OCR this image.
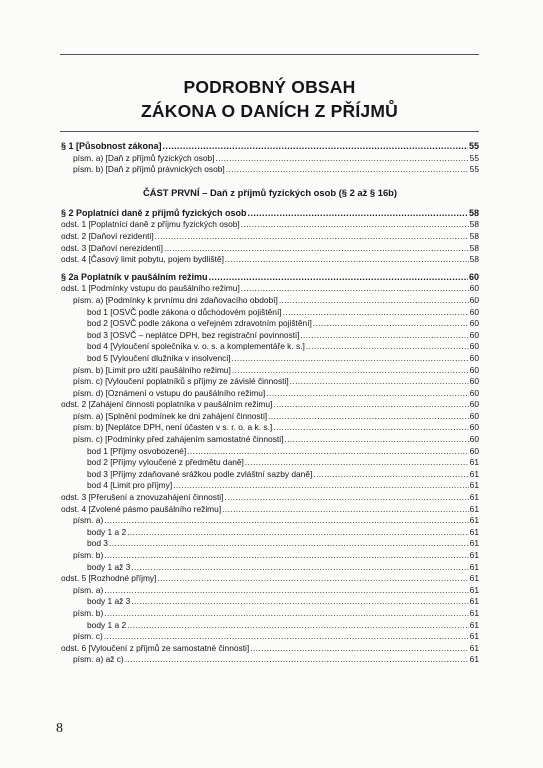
PODROBNÝ OBSAH
ZÁKONA O DANÍCH Z PŘÍJMŮ
§ 1 [Působnost zákona] .....	55
písm. a) [Daň z příjmů fyzických osob] .....	55
písm. b) [Daň z příjmů právnických osob] .....	55
ČÁST PRVNÍ – Daň z příjmů fyzických osob (§ 2 až § 16b)
§ 2 Poplatníci daně z příjmů fyzických osob .....	58
odst. 1 [Poplatníci daně z příjmu fyzických osob] .....	58
odst. 2 [Daňoví rezidenti] .....	58
odst. 3 [Daňoví nerezidenti] .....	58
odst. 4 [Časový limit pobytu, pojem bydliště] .....	58
§ 2a Poplatník v paušálním režimu .....	60
odst. 1 [Podmínky vstupu do paušálního režimu] .....	60
písm. a) [Podmínky k prvnímu dni zdaňovacího období] .....	60
bod 1 [OSVČ podle zákona o důchodovém pojištění] .....	60
bod 2 [OSVČ podle zákona o veřejném zdravotním pojištění] .....	60
bod 3 [OSVČ – neplátce DPH, bez registrační povinnosti] .....	60
bod 4 [Vyloučení společníka v. o. s. a komplementáře k. s.] .....	60
bod 5 [Vyloučení dlužníka v insolvenci] .....	60
písm. b) [Limit pro užití paušálního režimu] .....	60
písm. c) [Vyloučení poplatníků s příjmy ze závislé činnosti] .....	60
písm. d) [Oznámení o vstupu do paušálního režimu] .....	60
odst. 2 [Zahájení činnosti poplatníka v paušálním režimu] .....	60
písm. a) [Splnění podmínek ke dni zahájení činnosti] .....	60
písm. b) [Neplátce DPH, není účasten v s. r. o. a k. s.] .....	60
písm. c) [Podmínky před zahájením samostatné činnosti] .....	60
bod 1 [Příjmy osvobozené] .....	60
bod 2 [Příjmy vyloučené z předmětu daně] .....	61
bod 3 [Příjmy zdaňované srážkou podle zvláštní sazby daně] .....	61
bod 4 [Limit pro příjmy] .....	61
odst. 3 [Přerušení a znovuzahájení činnosti] .....	61
odst. 4 [Zvolené pásmo paušálního režimu] .....	61
písm. a) .....	61
body 1 a 2 .....	61
bod 3 .....	61
písm. b) .....	61
body 1 až 3 .....	61
odst. 5 [Rozhodné příjmy] .....	61
písm. a) .....	61
body 1 až 3 .....	61
písm. b) .....	61
body 1 a 2 .....	61
písm. c) .....	61
odst. 6 [Vyloučení z příjmů ze samostatné činnosti] .....	61
písm. a) až c) .....	61
8
